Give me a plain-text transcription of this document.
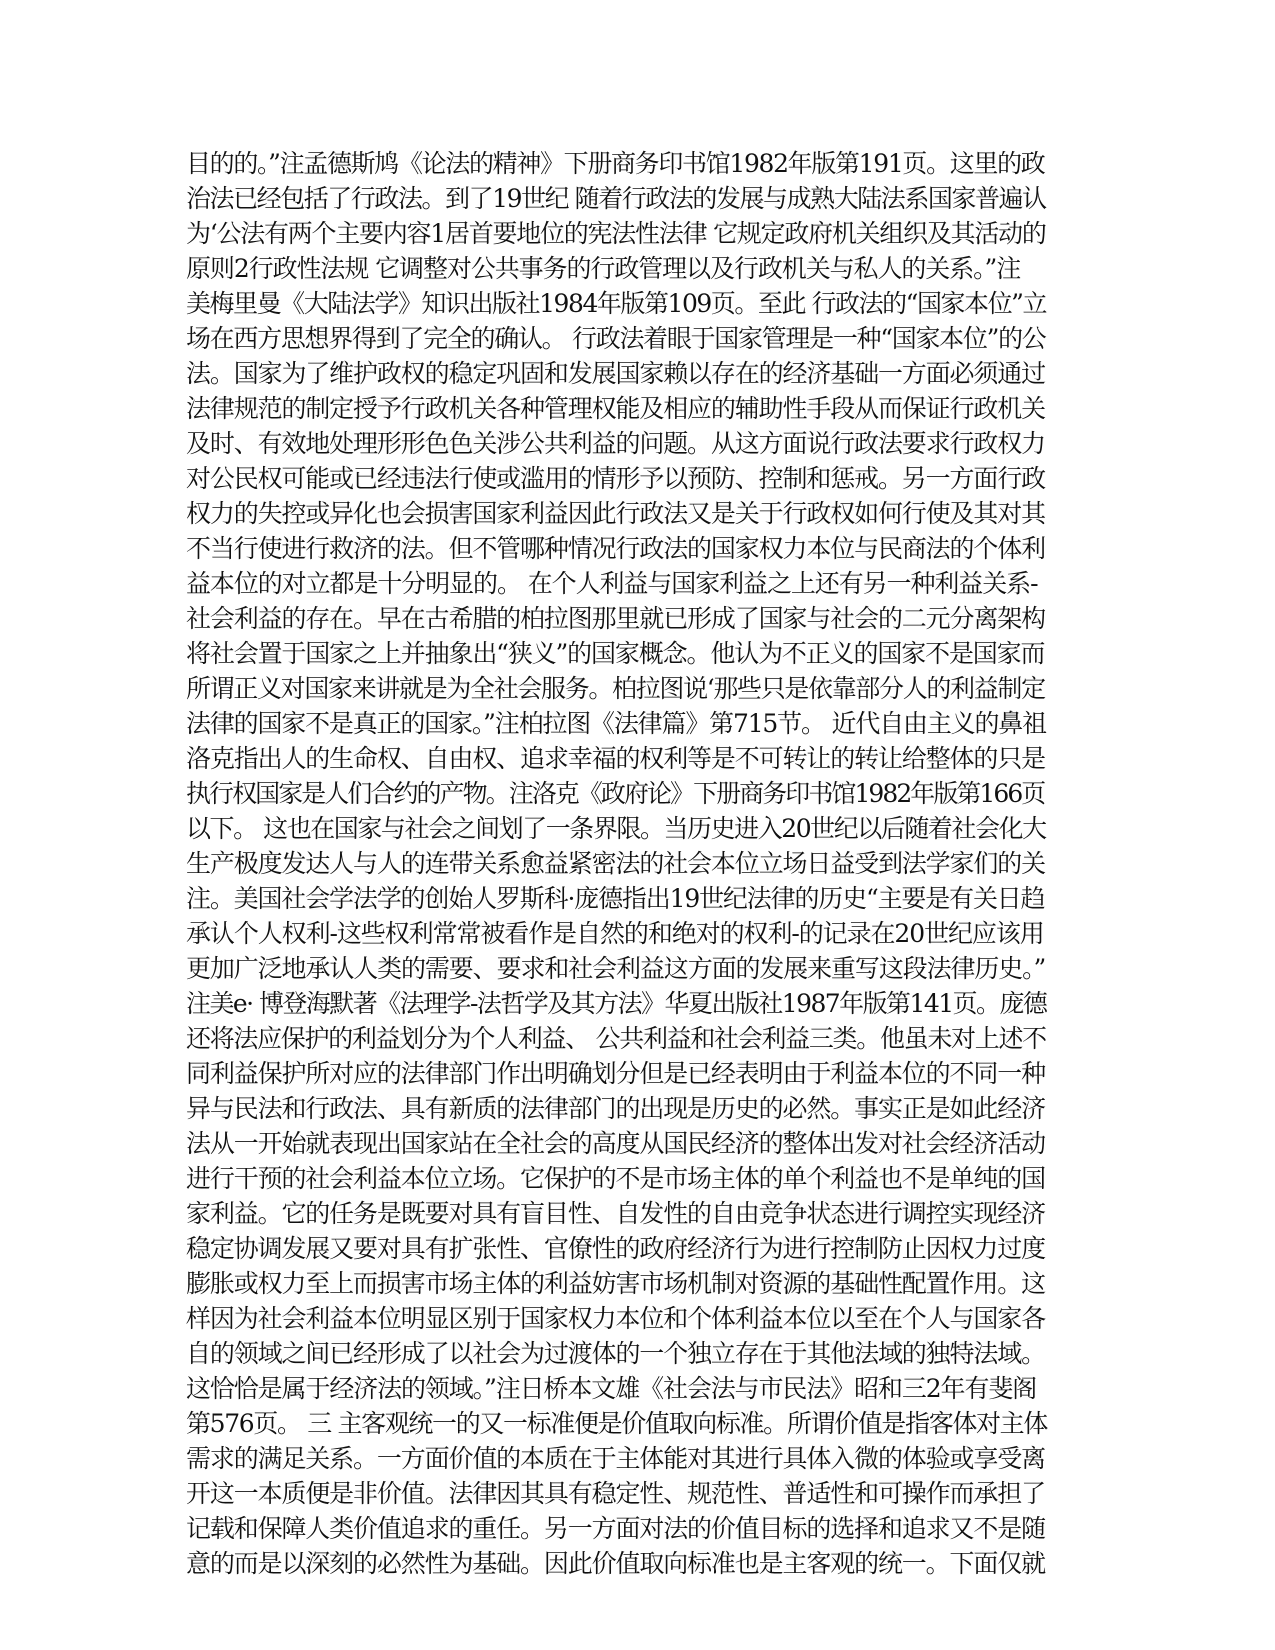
目的的。”注孟德斯鸠《论法的精神》下册商务印书馆1982年版第191页。这里的政
治法已经包括了行政法。到了19世纪 随着行政法的发展与成熟大陆法系国家普遍认
为‘公法有两个主要内容1居首要地位的宪法性法律 它规定政府机关组织及其活动的
原则2行政性法规 它调整对公共事务的行政管理以及行政机关与私人的关系。”注
美梅里曼《大陆法学》知识出版社1984年版第109页。至此 行政法的“国家本位”立
场在西方思想界得到了完全的确认。 行政法着眼于国家管理是一种“国家本位”的公
法。国家为了维护政权的稳定巩固和发展国家赖以存在的经济基础一方面必须通过
法律规范的制定授予行政机关各种管理权能及相应的辅助性手段从而保证行政机关
及时、有效地处理形形色色关涉公共利益的问题。从这方面说行政法要求行政权力
对公民权可能或已经违法行使或滥用的情形予以预防、控制和惩戒。另一方面行政
权力的失控或异化也会损害国家利益因此行政法又是关于行政权如何行使及其对其
不当行使进行救济的法。但不管哪种情况行政法的国家权力本位与民商法的个体利
益本位的对立都是十分明显的。 在个人利益与国家利益之上还有另一种利益关系-
社会利益的存在。早在古希腊的柏拉图那里就已形成了国家与社会的二元分离架构
将社会置于国家之上并抽象出“狭义”的国家概念。他认为不正义的国家不是国家而
所谓正义对国家来讲就是为全社会服务。柏拉图说‘那些只是依靠部分人的利益制定
法律的国家不是真正的国家。”注柏拉图《法律篇》第715节。 近代自由主义的鼻祖
洛克指出人的生命权、自由权、追求幸福的权利等是不可转让的转让给整体的只是
执行权国家是人们合约的产物。注洛克《政府论》下册商务印书馆1982年版第166页
以下。 这也在国家与社会之间划了一条界限。当历史进入20世纪以后随着社会化大
生产极度发达人与人的连带关系愈益紧密法的社会本位立场日益受到法学家们的关
注。美国社会学法学的创始人罗斯科·庞德指出19世纪法律的历史“主要是有关日趋
承认个人权利-这些权利常常被看作是自然的和绝对的权利-的记录在20世纪应该用
更加广泛地承认人类的需要、要求和社会利益这方面的发展来重写这段法律历史。”
注美e· 博登海默著《法理学-法哲学及其方法》华夏出版社1987年版第141页。庞德
还将法应保护的利益划分为个人利益、 公共利益和社会利益三类。他虽未对上述不
同利益保护所对应的法律部门作出明确划分但是已经表明由于利益本位的不同一种
异与民法和行政法、具有新质的法律部门的出现是历史的必然。事实正是如此经济
法从一开始就表现出国家站在全社会的高度从国民经济的整体出发对社会经济活动
进行干预的社会利益本位立场。它保护的不是市场主体的单个利益也不是单纯的国
家利益。它的任务是既要对具有盲目性、自发性的自由竞争状态进行调控实现经济
稳定协调发展又要对具有扩张性、官僚性的政府经济行为进行控制防止因权力过度
膨胀或权力至上而损害市场主体的利益妨害市场机制对资源的基础性配置作用。这
样因为社会利益本位明显区别于国家权力本位和个体利益本位以至在个人与国家各
自的领域之间已经形成了以社会为过渡体的一个独立存在于其他法域的独特法域。
这恰恰是属于经济法的领域。”注日桥本文雄《社会法与市民法》昭和三2年有斐阁
第576页。 三 主客观统一的又一标准便是价值取向标准。所谓价值是指客体对主体
需求的满足关系。一方面价值的本质在于主体能对其进行具体入微的体验或享受离
开这一本质便是非价值。法律因其具有稳定性、规范性、普适性和可操作而承担了
记载和保障人类价值追求的重任。另一方面对法的价值目标的选择和追求又不是随
意的而是以深刻的必然性为基础。因此价值取向标准也是主客观的统一。下面仅就
